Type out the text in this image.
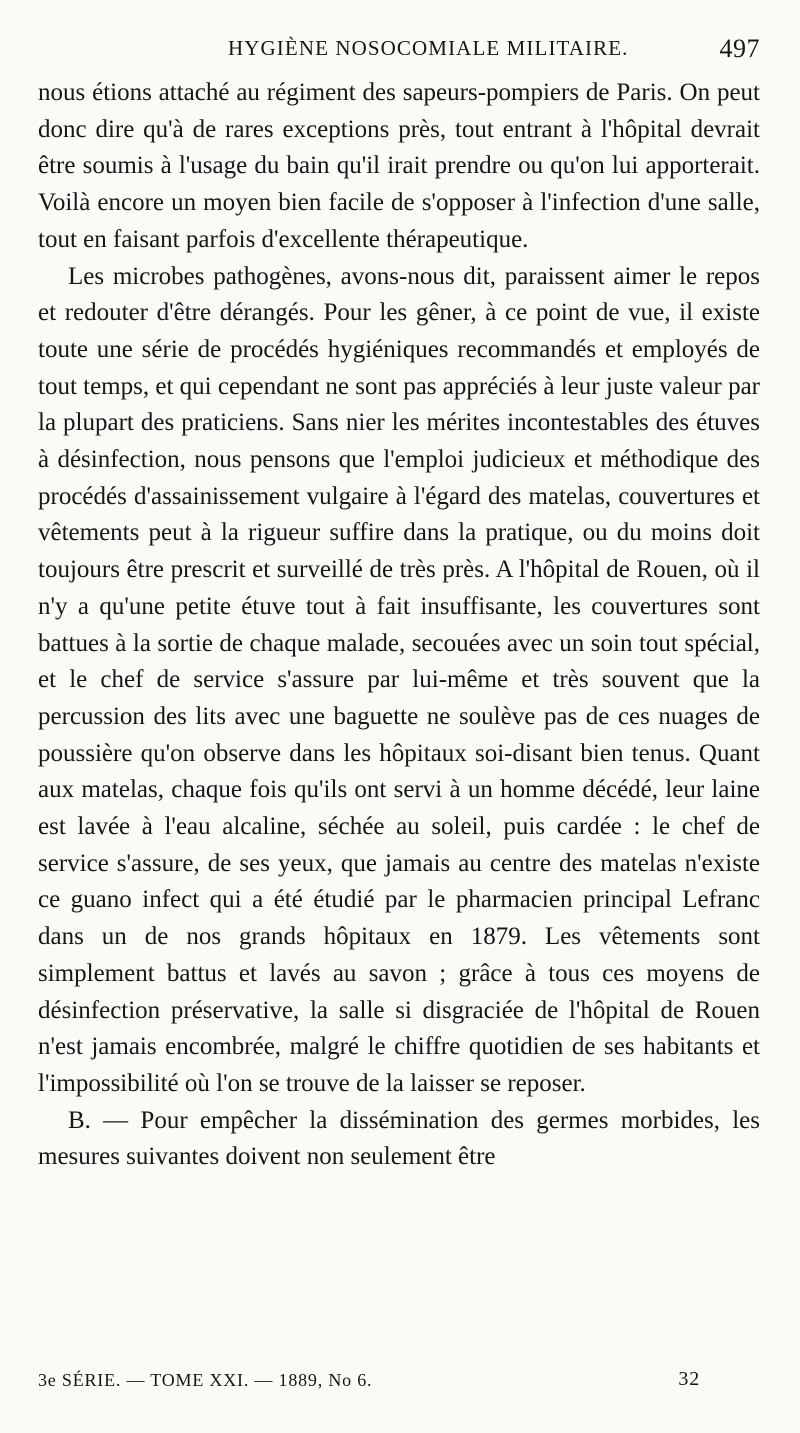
HYGIÈNE NOSOCOMIALE MILITAIRE.	497

nous étions attaché au régiment des sapeurs-pompiers de Paris. On peut donc dire qu'à de rares exceptions près, tout entrant à l'hôpital devrait être soumis à l'usage du bain qu'il irait prendre ou qu'on lui apporterait. Voilà encore un moyen bien facile de s'opposer à l'infection d'une salle, tout en faisant parfois d'excellente thérapeutique.

Les microbes pathogènes, avons-nous dit, paraissent aimer le repos et redouter d'être dérangés. Pour les gêner, à ce point de vue, il existe toute une série de procédés hygiéniques recommandés et employés de tout temps, et qui cependant ne sont pas appréciés à leur juste valeur par la plupart des praticiens. Sans nier les mérites incontestables des étuves à désinfection, nous pensons que l'emploi judicieux et méthodique des procédés d'assainissement vulgaire à l'égard des matelas, couvertures et vêtements peut à la rigueur suffire dans la pratique, ou du moins doit toujours être prescrit et surveillé de très près. A l'hôpital de Rouen, où il n'y a qu'une petite étuve tout à fait insuffisante, les couvertures sont battues à la sortie de chaque malade, secouées avec un soin tout spécial, et le chef de service s'assure par lui-même et très souvent que la percussion des lits avec une baguette ne soulève pas de ces nuages de poussière qu'on observe dans les hôpitaux soi-disant bien tenus. Quant aux matelas, chaque fois qu'ils ont servi à un homme décédé, leur laine est lavée à l'eau alcaline, séchée au soleil, puis cardée : le chef de service s'assure, de ses yeux, que jamais au centre des matelas n'existe ce guano infect qui a été étudié par le pharmacien principal Lefranc dans un de nos grands hôpitaux en 1879. Les vêtements sont simplement battus et lavés au savon ; grâce à tous ces moyens de désinfection préservative, la salle si disgraciée de l'hôpital de Rouen n'est jamais encombrée, malgré le chiffre quotidien de ses habitants et l'impossibilité où l'on se trouve de la laisser se reposer.

B. — Pour empêcher la dissémination des germes morbides, les mesures suivantes doivent non seulement être

3e SÉRIE. — TOME XXI. — 1889, No 6.	32
